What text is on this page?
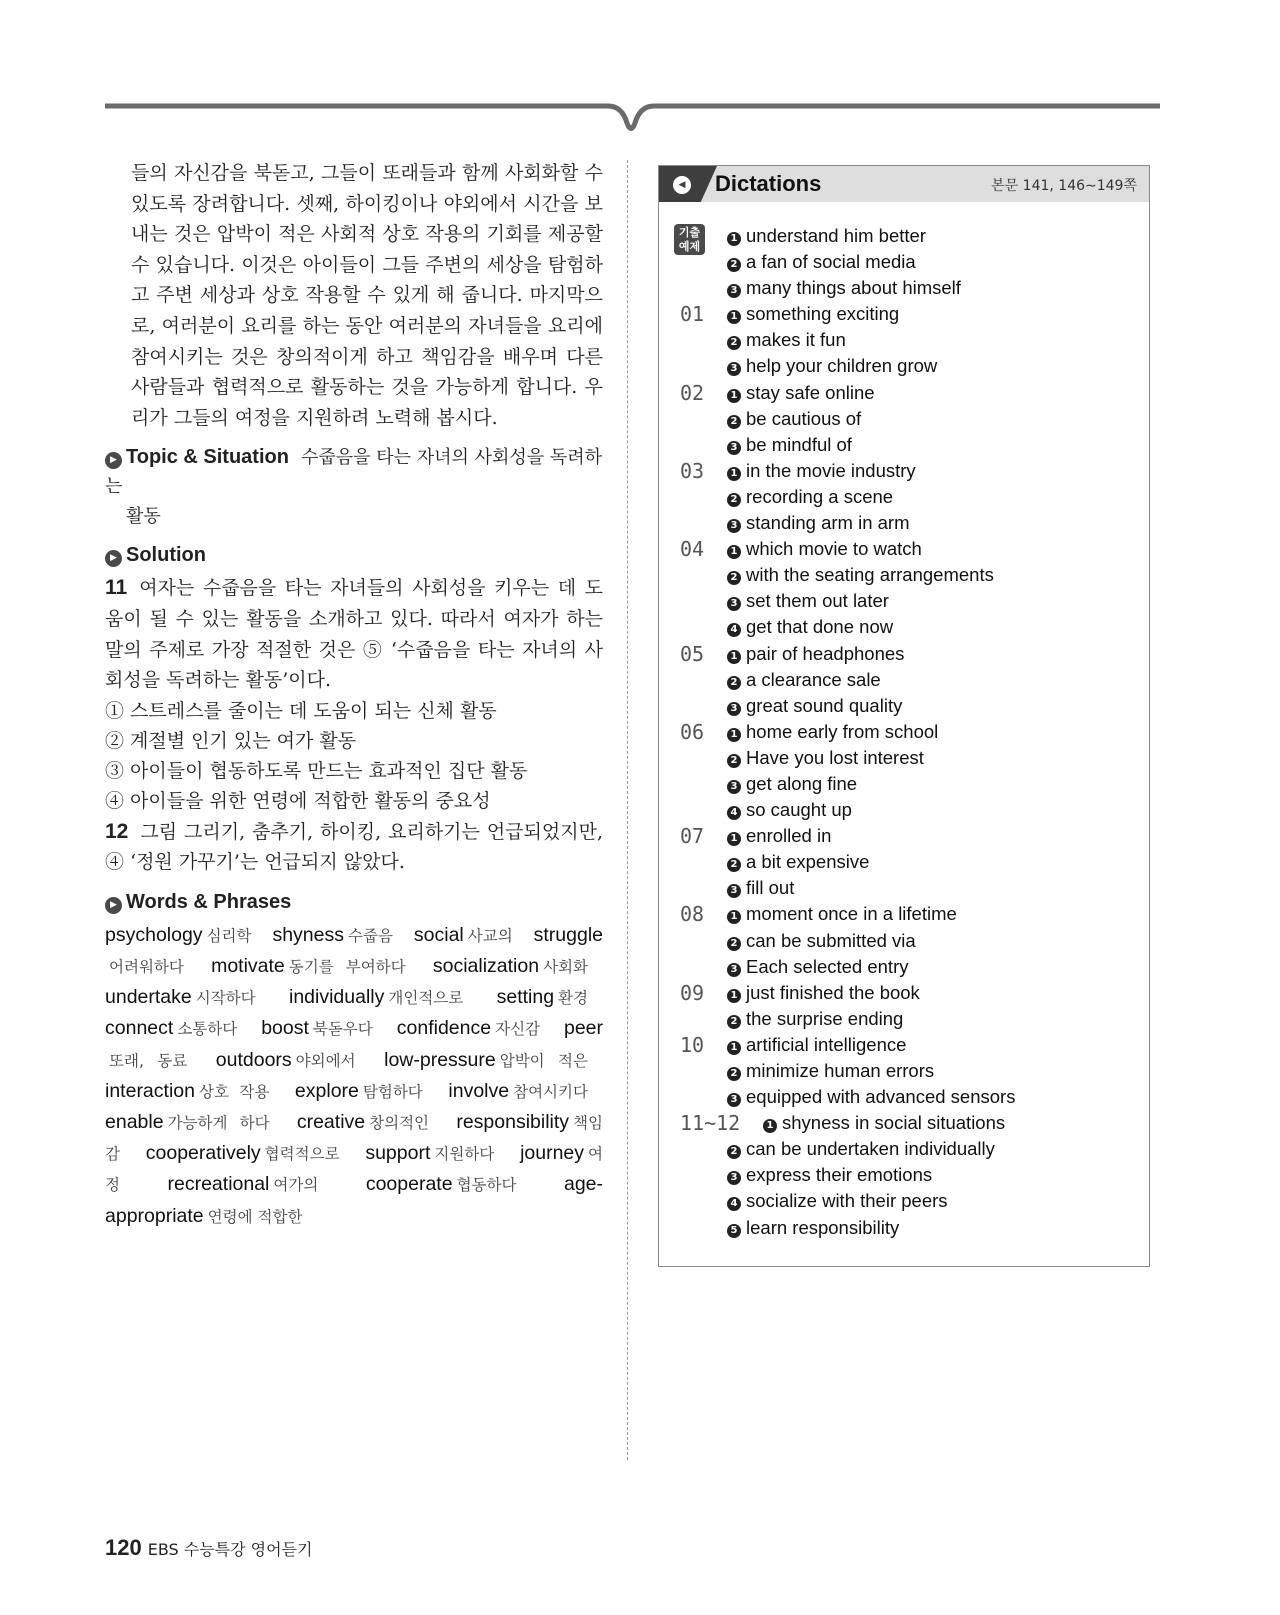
들의 자신감을 북돋고, 그들이 또래들과 함께 사회화할 수 있도록 장려합니다. 셋째, 하이킹이나 야외에서 시간을 보내는 것은 압박이 적은 사회적 상호 작용의 기회를 제공할 수 있습니다. 이것은 아이들이 그들 주변의 세상을 탐험하고 주변 세상과 상호 작용할 수 있게 해 줍니다. 마지막으로, 여러분이 요리를 하는 동안 여러분의 자녀들을 요리에 참여시키는 것은 창의적이게 하고 책임감을 배우며 다른 사람들과 협력적으로 활동하는 것을 가능하게 합니다. 우리가 그들의 여정을 지원하려 노력해 봅시다.

▶ Topic & Situation 수줍음을 타는 자녀의 사회성을 독려하는
활동
▶ Solution

11 여자는 수줍음을 타는 자녀들의 사회성을 키우는 데 도움이 될 수 있는 활동을 소개하고 있다. 따라서 여자가 하는 말의 주제로 가장 적절한 것은 ⑤ ‘수줍음을 타는 자녀의 사회성을 독려하는 활동’이다.

① 스트레스를 줄이는 데 도움이 되는 신체 활동

② 계절별 인기 있는 여가 활동

③ 아이들이 협동하도록 만드는 효과적인 집단 활동

④ 아이들을 위한 연령에 적합한 활동의 중요성

12 그림 그리기, 춤추기, 하이킹, 요리하기는 언급되었지만, ④ ‘정원 가꾸기’는 언급되지 않았다.

▶ Words & Phrases
psychology 심리학 shyness 수줍음 social 사교의 struggle어려워하다 motivate 동기를 부여하다 socialization 사회화 undertake 시작하다 individually 개인적으로 setting 환경 connect 소통하다 boost 북돋우다 confidence 자신감 peer또래, 동료 outdoors 야외에서 low-pressure 압박이 적은 interaction 상호 작용 explore 탐험하다 involve 참여시키다 enable 가능하게 하다 creative 창의적인 responsibility 책임감 cooperatively 협력적으로 support 지원하다 journey 여정 recreational 여가의 cooperate 협동하다 age-appropriate 연령에 적합한
◀ Dictations	본문 141, 146∼149쪽
기출
예제
1 understand him better
2 a fan of social media
3 many things about himself
01	1 something exciting
2 makes it fun
3 help your children grow
02	1 stay safe online
2 be cautious of
3 be mindful of
03	1 in the movie industry
2 recording a scene
3 standing arm in arm
04	1 which movie to watch
2 with the seating arrangements
3 set them out later
4 get that done now
05	1 pair of headphones
2 a clearance sale
3 great sound quality
06	1 home early from school
2 Have you lost interest
3 get along fine
4 so caught up
07	1 enrolled in
2 a bit expensive
3 fill out
08	1 moment once in a lifetime
2 can be submitted via
3 Each selected entry
09	1 just finished the book
2 the surprise ending
10	1 artificial intelligence
2 minimize human errors
3 equipped with advanced sensors
11~12	1 shyness in social situations
2 can be undertaken individually
3 express their emotions
4 socialize with their peers
5 learn responsibility
120 EBS 수능특강 영어듣기
